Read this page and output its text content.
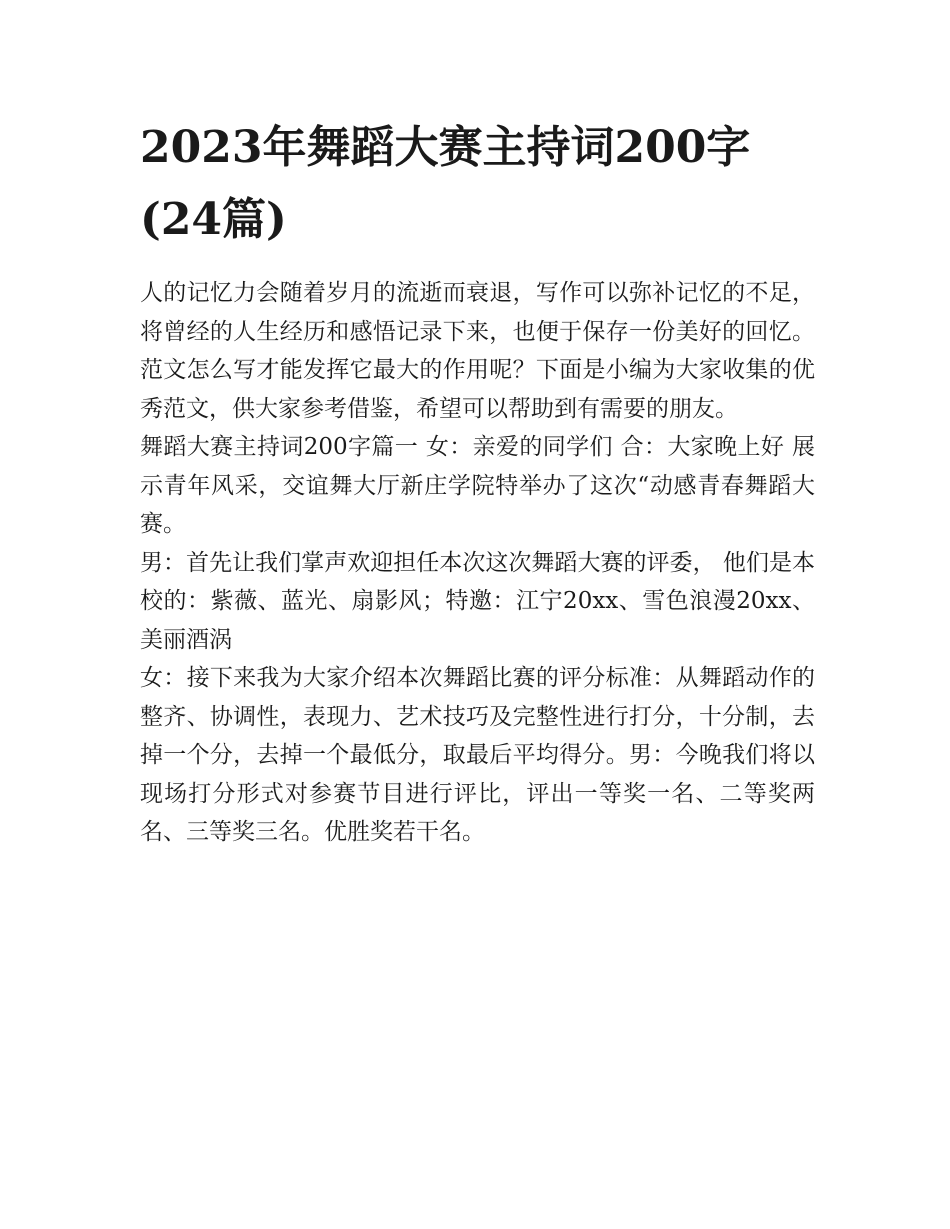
2023年舞蹈大赛主持词200字(24篇)

人的记忆力会随着岁月的流逝而衰退，写作可以弥补记忆的不足，将曾经的人生经历和感悟记录下来，也便于保存一份美好的回忆。范文怎么写才能发挥它最大的作用呢？下面是小编为大家收集的优秀范文，供大家参考借鉴，希望可以帮助到有需要的朋友。

舞蹈大赛主持词200字篇一 女：亲爱的同学们 合：大家晚上好 展示青年风采，交谊舞大厅新庄学院特举办了这次“动感青春舞蹈大赛。

男：首先让我们掌声欢迎担任本次这次舞蹈大赛的评委， 他们是本校的：紫薇、蓝光、扇影风；特邀：江宁20xx、雪色浪漫20xx、美丽酒涡

女：接下来我为大家介绍本次舞蹈比赛的评分标准：从舞蹈动作的整齐、协调性，表现力、艺术技巧及完整性进行打分，十分制，去掉一个分，去掉一个最低分，取最后平均得分。男：今晚我们将以现场打分形式对参赛节目进行评比，评出一等奖一名、二等奖两名、三等奖三名。优胜奖若干名。
